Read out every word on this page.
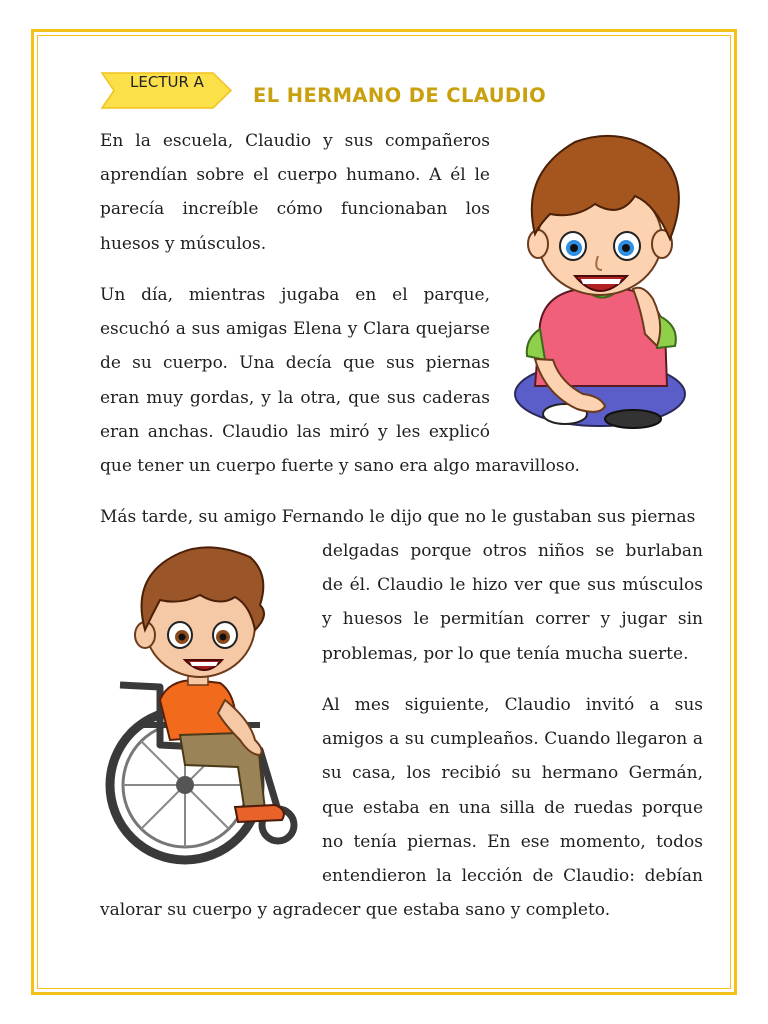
LECTUR A
EL HERMANO DE CLAUDIO
En la escuela, Claudio y sus compañeros
aprendían sobre el cuerpo humano. A él le
parecía increíble cómo funcionaban los
huesos y músculos.
Un día, mientras jugaba en el parque,
escuchó a sus amigas Elena y Clara quejarse
de su cuerpo. Una decía que sus piernas
eran muy gordas, y la otra, que sus caderas
eran anchas. Claudio las miró y les explicó
que tener un cuerpo fuerte y sano era algo maravilloso.
Más tarde, su amigo Fernando le dijo que no le gustaban sus piernas
delgadas porque otros niños se burlaban
de él. Claudio le hizo ver que sus músculos
y huesos le permitían correr y jugar sin
problemas, por lo que tenía mucha suerte.
Al mes siguiente, Claudio invitó a sus
amigos a su cumpleaños. Cuando llegaron a
su casa, los recibió su hermano Germán,
que estaba en una silla de ruedas porque
no tenía piernas. En ese momento, todos
entendieron la lección de Claudio: debían
valorar su cuerpo y agradecer que estaba sano y completo.
